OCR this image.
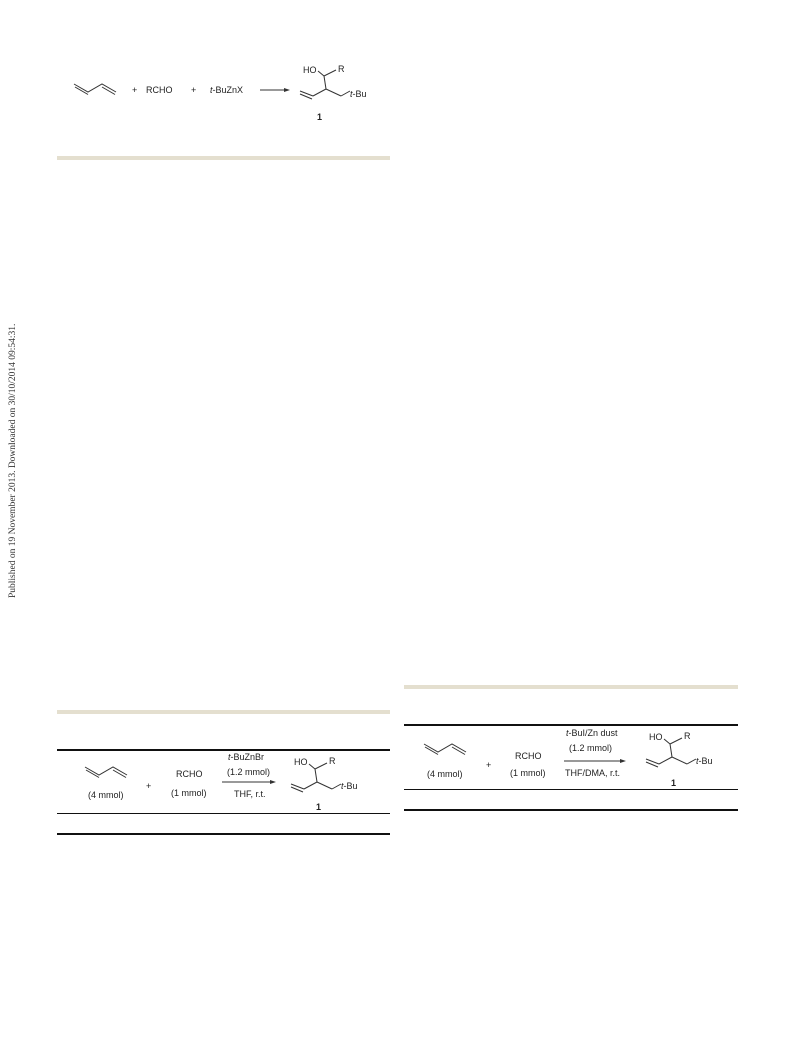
Published on 19 November 2013. Downloaded on 30/10/2014 09:54:31.
+ RCHO + t-BuZnX
HO R
t-Bu
1
(4 mmol)
+
RCHO
(1 mmol)
t-BuZnBr
(1.2 mmol)
THF, r.t.
HO R
t-Bu
1
(4 mmol)
+
RCHO
(1 mmol)
t-BuI/Zn dust
(1.2 mmol)
THF/DMA, r.t.
HO R
t-Bu
1
